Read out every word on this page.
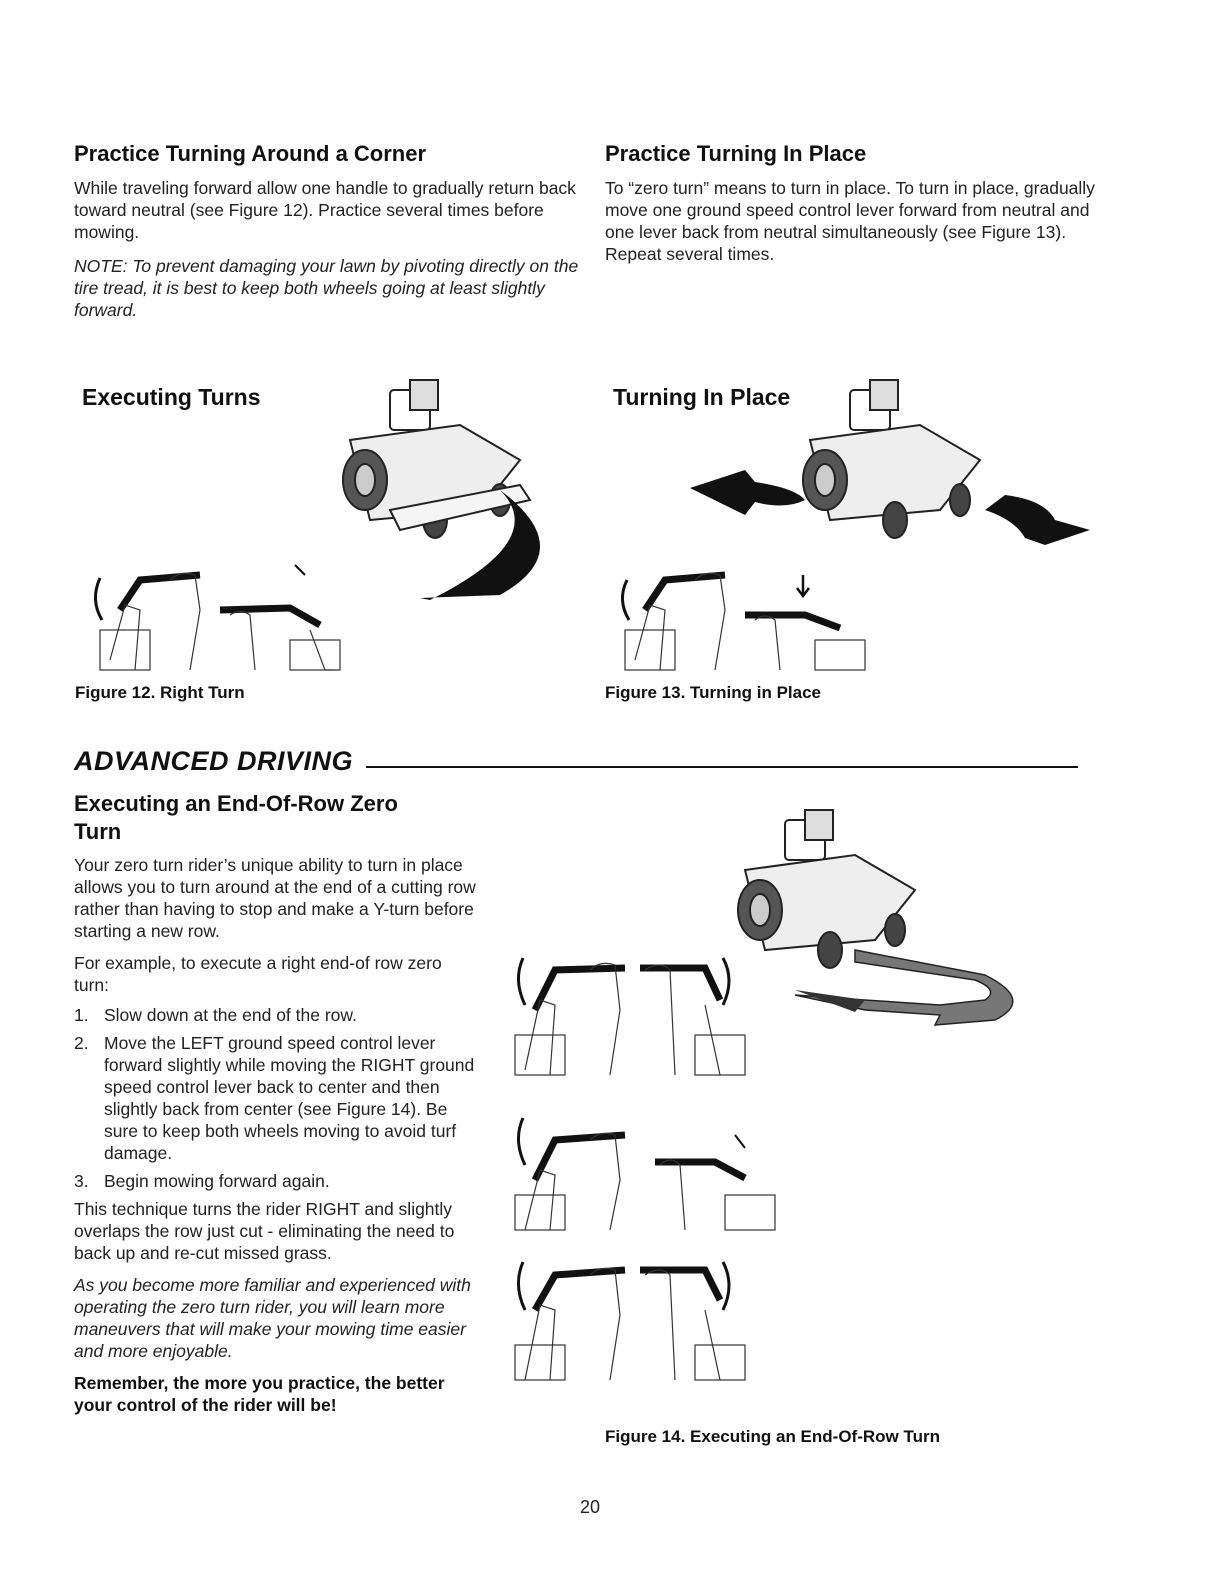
Practice Turning Around a Corner

While traveling forward allow one handle to gradually return back toward neutral (see Figure 12). Practice several times before mowing.

NOTE: To prevent damaging your lawn by pivoting directly on the tire tread, it is best to keep both wheels going at least slightly forward.

Practice Turning In Place

To “zero turn” means to turn in place. To turn in place, gradually move one ground speed control lever forward from neutral and one lever back from neutral simultaneously (see Figure 13). Repeat several times.

Executing Turns
Figure 12. Right Turn
Turning In Place
Figure 13. Turning in Place
ADVANCED DRIVING
Executing an End-Of-Row Zero Turn

Your zero turn rider’s unique ability to turn in place allows you to turn around at the end of a cutting row rather than having to stop and make a Y-turn before starting a new row.

For example, to execute a right end-of row zero turn:

1. Slow down at the end of the row.
2. Move the LEFT ground speed control lever forward slightly while moving the RIGHT ground speed control lever back to center and then slightly back from center (see Figure 14). Be sure to keep both wheels moving to avoid turf damage.
3. Begin mowing forward again.

This technique turns the rider RIGHT and slightly overlaps the row just cut - eliminating the need to back up and re-cut missed grass.

As you become more familiar and experienced with operating the zero turn rider, you will learn more maneuvers that will make your mowing time easier and more enjoyable.

Remember, the more you practice, the better your control of the rider will be!

Figure 14. Executing an End-Of-Row Turn
20
